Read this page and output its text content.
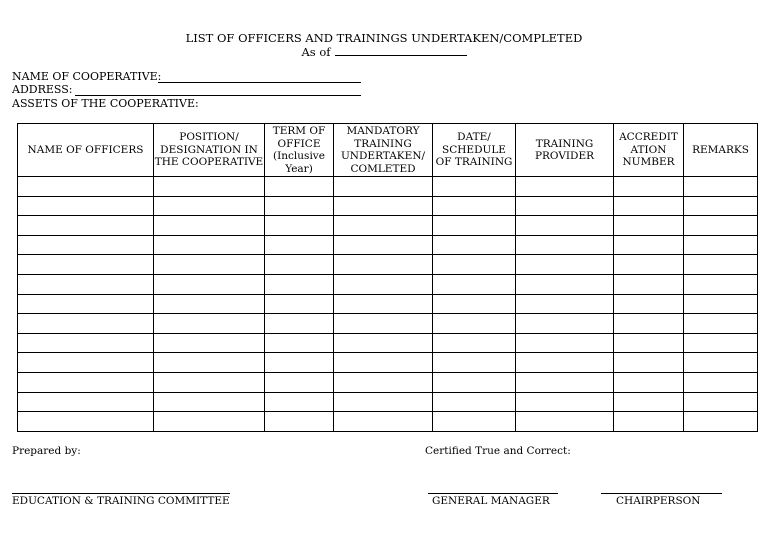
LIST OF OFFICERS AND TRAININGS UNDERTAKEN/COMPLETED
As of
NAME OF COOPERATIVE:
ADDRESS:
ASSETS OF THE COOPERATIVE:
NAME OF OFFICERS	POSITION/ DESIGNATION IN THE COOPERATIVE	TERM OF OFFICE (Inclusive Year)	MANDATORY TRAINING UNDERTAKEN/ COMLETED	DATE/ SCHEDULE OF TRAINING	TRAINING PROVIDER	ACCREDIT ATION NUMBER	REMARKS

Prepared by:	Certified True and Correct:
EDUCATION & TRAINING COMMITTEE	GENERAL MANAGER	CHAIRPERSON
